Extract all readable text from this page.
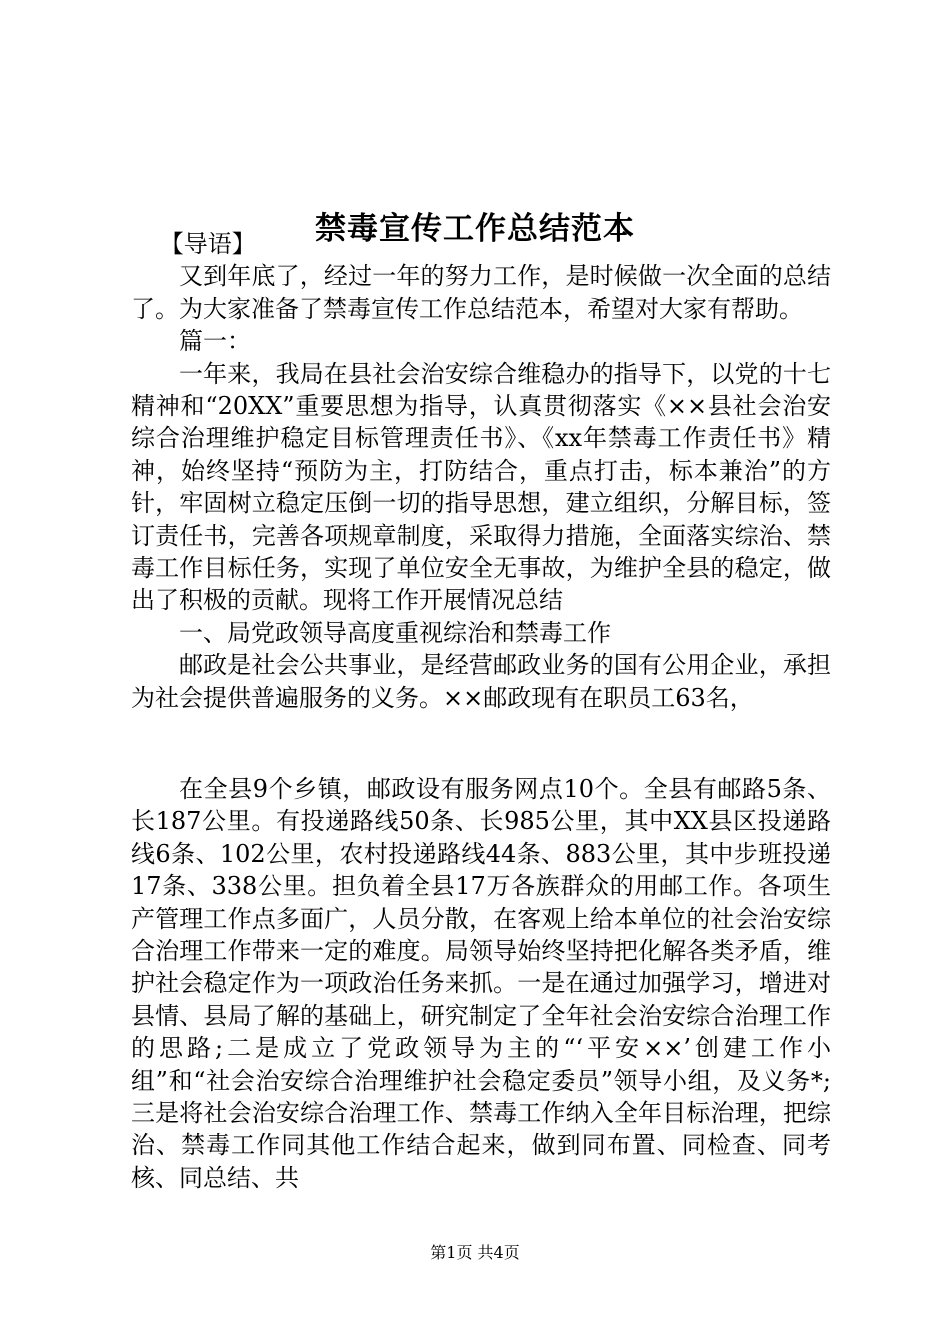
禁毒宣传工作总结范本

【导语】

又到年底了，经过一年的努力工作，是时候做一次全面的总结了。为大家准备了禁毒宣传工作总结范本，希望对大家有帮助。

篇一：

一年来，我局在县社会治安综合维稳办的指导下，以党的十七精神和“20XX”重要思想为指导，认真贯彻落实《××县社会治安综合治理维护稳定目标管理责任书》、《xx年禁毒工作责任书》精神，始终坚持“预防为主，打防结合，重点打击，标本兼治”的方针，牢固树立稳定压倒一切的指导思想，建立组织，分解目标，签订责任书，完善各项规章制度，采取得力措施，全面落实综治、禁毒工作目标任务，实现了单位安全无事故，为维护全县的稳定，做出了积极的贡献。现将工作开展情况总结

一、局党政领导高度重视综治和禁毒工作

邮政是社会公共事业，是经营邮政业务的国有公用企业，承担为社会提供普遍服务的义务。××邮政现有在职员工63名，

在全县9个乡镇，邮政设有服务网点10个。全县有邮路5条、长187公里。有投递路线50条、长985公里，其中XX县区投递路线6条、102公里，农村投递路线44条、883公里，其中步班投递17条、338公里。担负着全县17万各族群众的用邮工作。各项生产管理工作点多面广，人员分散，在客观上给本单位的社会治安综合治理工作带来一定的难度。局领导始终坚持把化解各类矛盾，维护社会稳定作为一项政治任务来抓。一是在通过加强学习，增进对县情、县局了解的基础上，研究制定了全年社会治安综合治理工作的思路;二是成立了党政领导为主的“‘平安××’创建工作小组”和“社会治安综合治理维护社会稳定委员”领导小组，及义务*;三是将社会治安综合治理工作、禁毒工作纳入全年目标治理，把综治、禁毒工作同其他工作结合起来，做到同布置、同检查、同考核、同总结、共

第1页 共4页
